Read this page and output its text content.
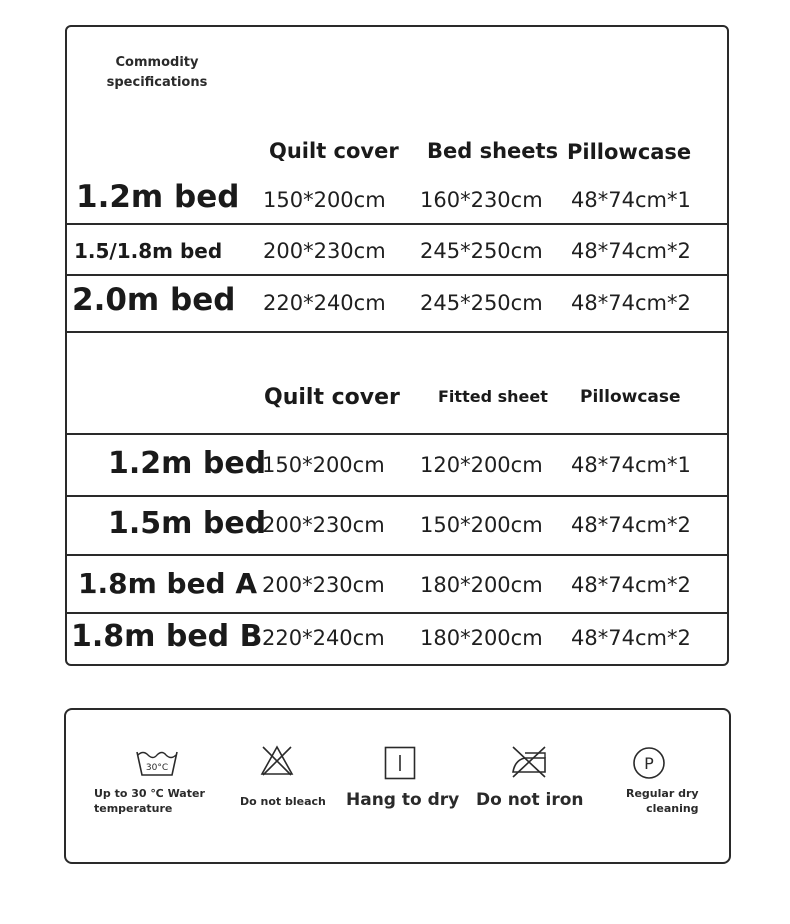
Commodity
specifications
Quilt cover Bed sheets Pillowcase
1.2m bed 150*200cm 160*230cm 48*74cm*1
1.5/1.8m bed 200*230cm 245*250cm 48*74cm*2
2.0m bed 220*240cm 245*250cm 48*74cm*2
Quilt cover Fitted sheet Pillowcase
1.2m bed
150*200cm 120*200cm 48*74cm*1
1.5m bed
200*230cm 150*200cm 48*74cm*2
1.8m bed A 200*230cm 180*200cm 48*74cm*2
1.8m bed B 220*240cm 180*200cm 48*74cm*2
30°C
Up to 30 ℃ Water
temperature
Do not bleach Hang to dry Do not iron
P
Regular dry
cleaning
